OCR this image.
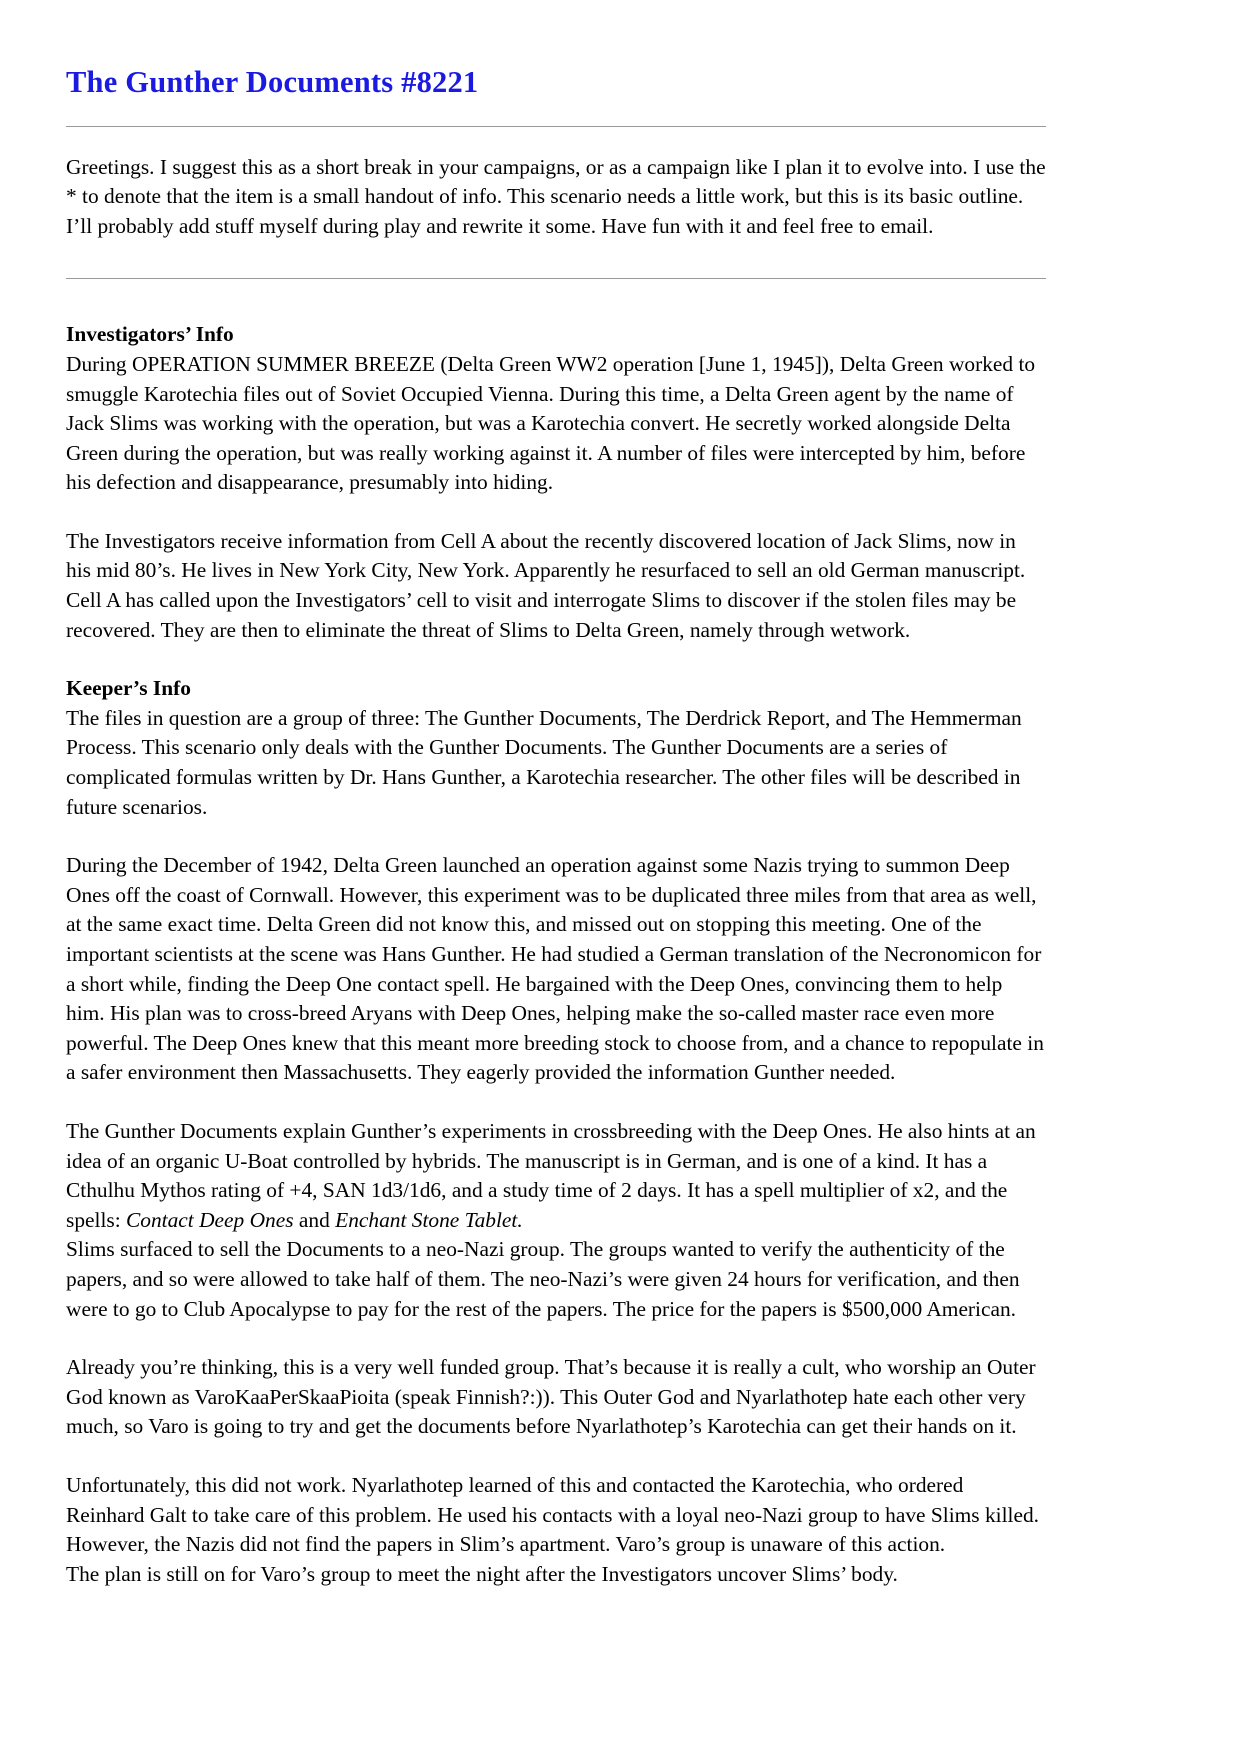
The Gunther Documents #8221

Greetings. I suggest this as a short break in your campaigns, or as a campaign like I plan it to evolve into. I use the * to denote that the item is a small handout of info. This scenario needs a little work, but this is its basic outline. I’ll probably add stuff myself during play and rewrite it some. Have fun with it and feel free to email.

Investigators’ Info

During OPERATION SUMMER BREEZE (Delta Green WW2 operation [June 1, 1945]), Delta Green worked to smuggle Karotechia files out of Soviet Occupied Vienna. During this time, a Delta Green agent by the name of Jack Slims was working with the operation, but was a Karotechia convert. He secretly worked alongside Delta Green during the operation, but was really working against it. A number of files were intercepted by him, before his defection and disappearance, presumably into hiding.

The Investigators receive information from Cell A about the recently discovered location of Jack Slims, now in his mid 80’s. He lives in New York City, New York. Apparently he resurfaced to sell an old German manuscript. Cell A has called upon the Investigators’ cell to visit and interrogate Slims to discover if the stolen files may be recovered. They are then to eliminate the threat of Slims to Delta Green, namely through wetwork.

Keeper’s Info

The files in question are a group of three: The Gunther Documents, The Derdrick Report, and The Hemmerman Process. This scenario only deals with the Gunther Documents. The Gunther Documents are a series of complicated formulas written by Dr. Hans Gunther, a Karotechia researcher. The other files will be described in future scenarios.

During the December of 1942, Delta Green launched an operation against some Nazis trying to summon Deep Ones off the coast of Cornwall. However, this experiment was to be duplicated three miles from that area as well, at the same exact time. Delta Green did not know this, and missed out on stopping this meeting. One of the important scientists at the scene was Hans Gunther. He had studied a German translation of the Necronomicon for a short while, finding the Deep One contact spell. He bargained with the Deep Ones, convincing them to help him. His plan was to cross-breed Aryans with Deep Ones, helping make the so-called master race even more powerful. The Deep Ones knew that this meant more breeding stock to choose from, and a chance to repopulate in a safer environment then Massachusetts. They eagerly provided the information Gunther needed.

The Gunther Documents explain Gunther’s experiments in crossbreeding with the Deep Ones. He also hints at an idea of an organic U-Boat controlled by hybrids. The manuscript is in German, and is one of a kind. It has a Cthulhu Mythos rating of +4, SAN 1d3/1d6, and a study time of 2 days. It has a spell multiplier of x2, and the spells: Contact Deep Ones and Enchant Stone Tablet.

Slims surfaced to sell the Documents to a neo-Nazi group. The groups wanted to verify the authenticity of the papers, and so were allowed to take half of them. The neo-Nazi’s were given 24 hours for verification, and then were to go to Club Apocalypse to pay for the rest of the papers. The price for the papers is $500,000 American.

Already you’re thinking, this is a very well funded group. That’s because it is really a cult, who worship an Outer God known as VaroKaaPerSkaaPioita (speak Finnish?:)). This Outer God and Nyarlathotep hate each other very much, so Varo is going to try and get the documents before Nyarlathotep’s Karotechia can get their hands on it.

Unfortunately, this did not work. Nyarlathotep learned of this and contacted the Karotechia, who ordered Reinhard Galt to take care of this problem. He used his contacts with a loyal neo-Nazi group to have Slims killed. However, the Nazis did not find the papers in Slim’s apartment. Varo’s group is unaware of this action.

The plan is still on for Varo’s group to meet the night after the Investigators uncover Slims’ body.
